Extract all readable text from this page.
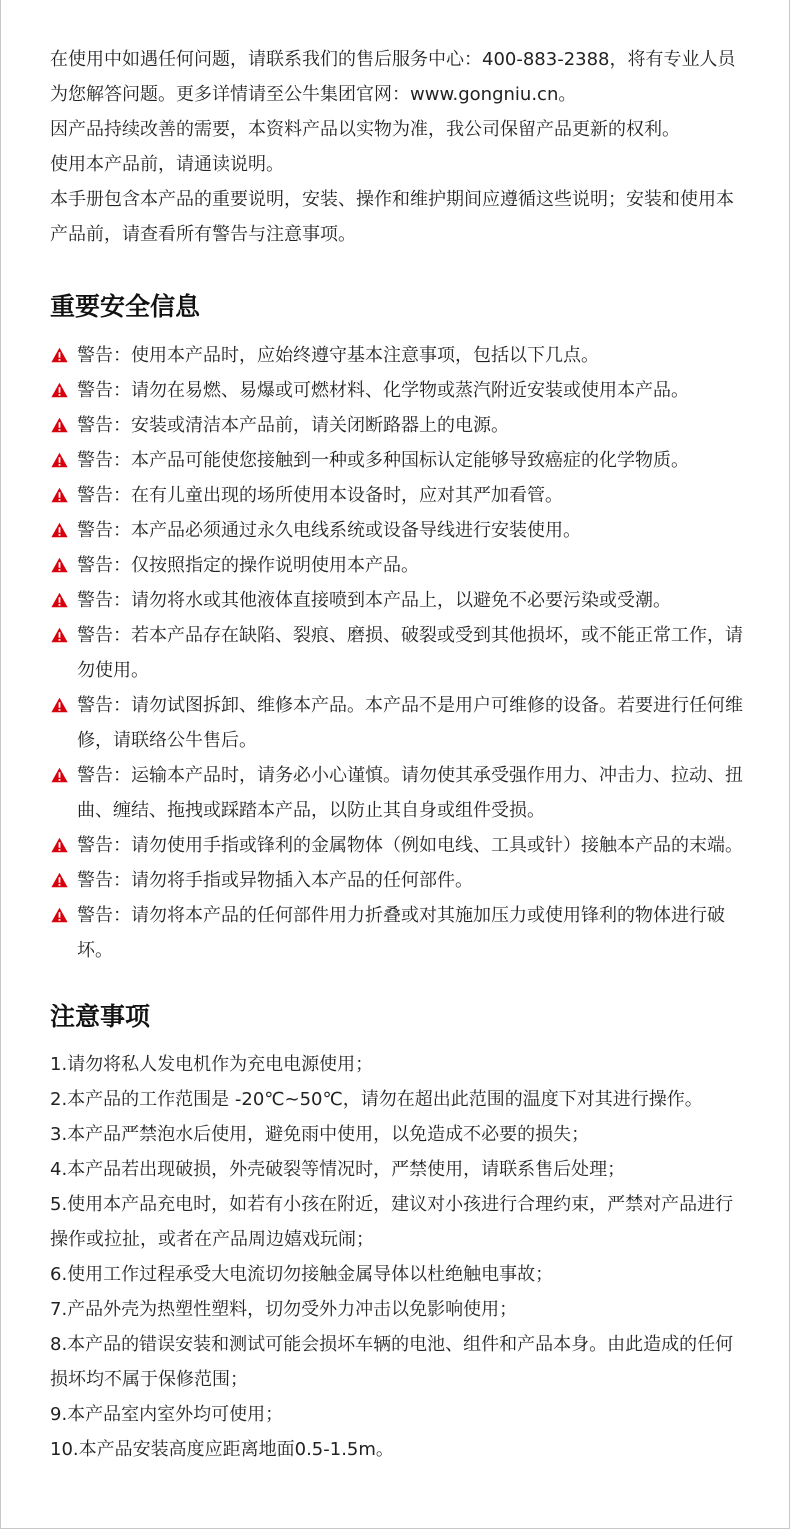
在使用中如遇任何问题，请联系我们的售后服务中心：400-883-2388，将有专业人员为您解答问题。更多详情请至公牛集团官网：www.gongniu.cn。

因产品持续改善的需要，本资料产品以实物为准，我公司保留产品更新的权利。

使用本产品前，请通读说明。

本手册包含本产品的重要说明，安装、操作和维护期间应遵循这些说明；安装和使用本产品前，请查看所有警告与注意事项。

重要安全信息
警告：使用本产品时，应始终遵守基本注意事项，包括以下几点。
警告：请勿在易燃、易爆或可燃材料、化学物或蒸汽附近安装或使用本产品。
警告：安装或清洁本产品前，请关闭断路器上的电源。
警告：本产品可能使您接触到一种或多种国标认定能够导致癌症的化学物质。
警告：在有儿童出现的场所使用本设备时，应对其严加看管。
警告：本产品必须通过永久电线系统或设备导线进行安装使用。
警告：仅按照指定的操作说明使用本产品。
警告：请勿将水或其他液体直接喷到本产品上，以避免不必要污染或受潮。
警告：若本产品存在缺陷、裂痕、磨损、破裂或受到其他损坏，或不能正常工作，请勿使用。
警告：请勿试图拆卸、维修本产品。本产品不是用户可维修的设备。若要进行任何维修，请联络公牛售后。
警告：运输本产品时，请务必小心谨慎。请勿使其承受强作用力、冲击力、拉动、扭曲、缠结、拖拽或踩踏本产品，以防止其自身或组件受损。
警告：请勿使用手指或锋利的金属物体（例如电线、工具或针）接触本产品的末端。
警告：请勿将手指或异物插入本产品的任何部件。
警告：请勿将本产品的任何部件用力折叠或对其施加压力或使用锋利的物体进行破坏。
注意事项
1.请勿将私人发电机作为充电电源使用；
2.本产品的工作范围是 -20℃~50℃，请勿在超出此范围的温度下对其进行操作。
3.本产品严禁泡水后使用，避免雨中使用，以免造成不必要的损失；
4.本产品若出现破损，外壳破裂等情况时，严禁使用，请联系售后处理；
5.使用本产品充电时，如若有小孩在附近，建议对小孩进行合理约束，严禁对产品进行操作或拉扯，或者在产品周边嬉戏玩闹；
6.使用工作过程承受大电流切勿接触金属导体以杜绝触电事故；
7.产品外壳为热塑性塑料，切勿受外力冲击以免影响使用；
8.本产品的错误安装和测试可能会损坏车辆的电池、组件和产品本身。由此造成的任何损坏均不属于保修范围；
9.本产品室内室外均可使用；
10.本产品安装高度应距离地面0.5-1.5m。
